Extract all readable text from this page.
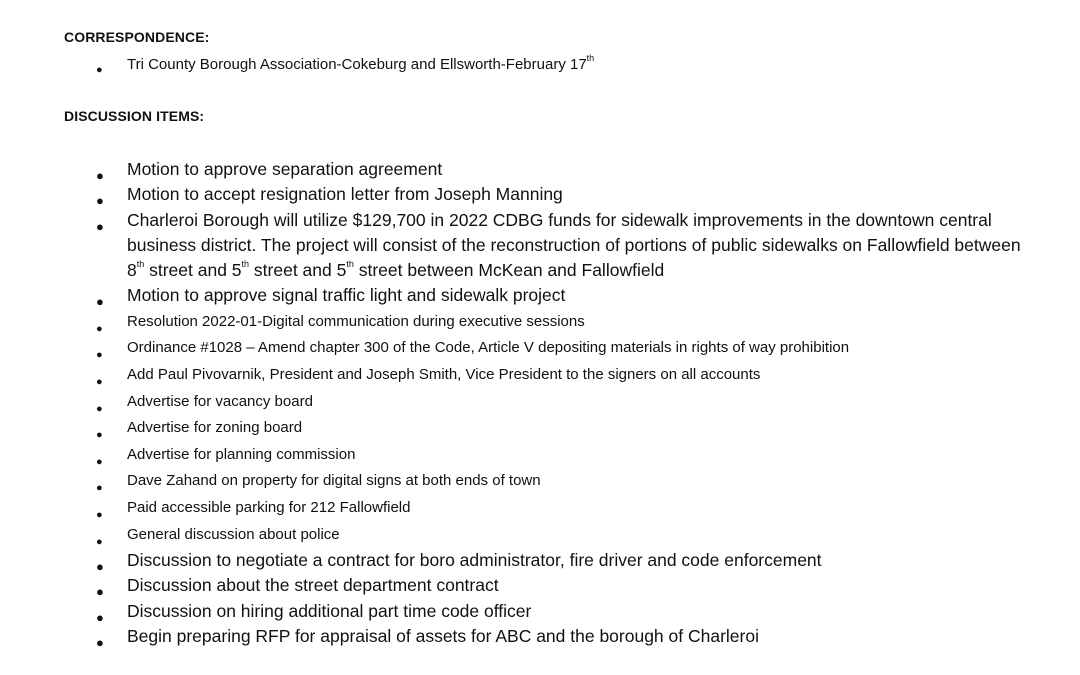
CORRESPONDENCE:
● Tri County Borough Association-Cokeburg and Ellsworth-February 17th
DISCUSSION ITEMS:
● Motion to approve separation agreement
● Motion to accept resignation letter from Joseph Manning
● Charleroi Borough will utilize $129,700 in 2022 CDBG funds for sidewalk improvements in the downtown central business district. The project will consist of the reconstruction of portions of public sidewalks on Fallowfield between 8th street and 5th street and 5th street between McKean and Fallowfield
● Motion to approve signal traffic light and sidewalk project
● Resolution 2022-01-Digital communication during executive sessions
● Ordinance #1028 – Amend chapter 300 of the Code, Article V depositing materials in rights of way prohibition
● Add Paul Pivovarnik, President and Joseph Smith, Vice President to the signers on all accounts
● Advertise for vacancy board
● Advertise for zoning board
● Advertise for planning commission
● Dave Zahand on property for digital signs at both ends of town
● Paid accessible parking for 212 Fallowfield
● General discussion about police
● Discussion to negotiate a contract for boro administrator, fire driver and code enforcement
● Discussion about the street department contract
● Discussion on hiring additional part time code officer
● Begin preparing RFP for appraisal of assets for ABC and the borough of Charleroi
